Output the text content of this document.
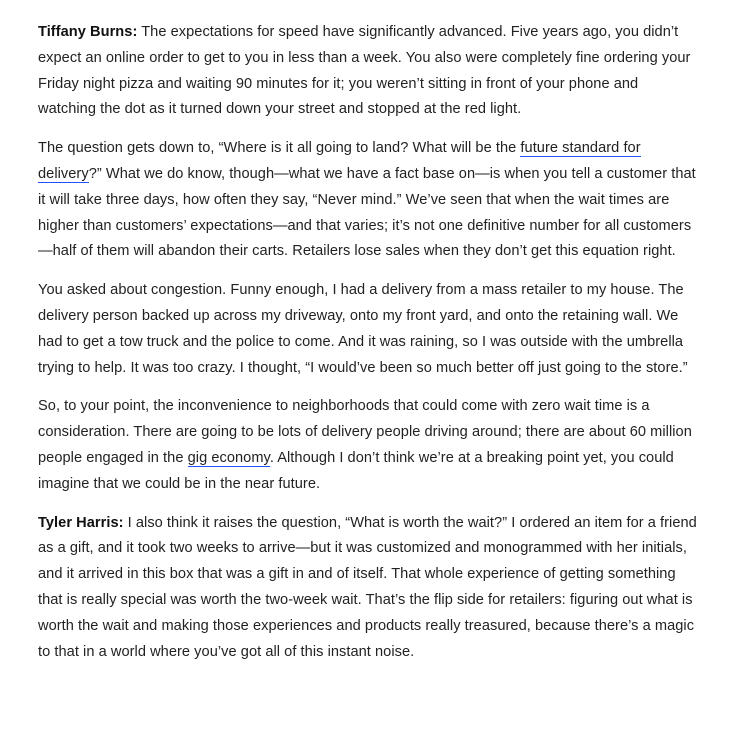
Tiffany Burns: The expectations for speed have significantly advanced. Five years ago, you didn’t expect an online order to get to you in less than a week. You also were completely fine ordering your Friday night pizza and waiting 90 minutes for it; you weren’t sitting in front of your phone and watching the dot as it turned down your street and stopped at the red light.

The question gets down to, “Where is it all going to land? What will be the future standard for delivery?” What we do know, though—what we have a fact base on—is when you tell a customer that it will take three days, how often they say, “Never mind.” We’ve seen that when the wait times are higher than customers’ expectations—and that varies; it’s not one definitive number for all customers—half of them will abandon their carts. Retailers lose sales when they don’t get this equation right.

You asked about congestion. Funny enough, I had a delivery from a mass retailer to my house. The delivery person backed up across my driveway, onto my front yard, and onto the retaining wall. We had to get a tow truck and the police to come. And it was raining, so I was outside with the umbrella trying to help. It was too crazy. I thought, “I would’ve been so much better off just going to the store.”

So, to your point, the inconvenience to neighborhoods that could come with zero wait time is a consideration. There are going to be lots of delivery people driving around; there are about 60 million people engaged in the gig economy. Although I don’t think we’re at a breaking point yet, you could imagine that we could be in the near future.

Tyler Harris: I also think it raises the question, “What is worth the wait?” I ordered an item for a friend as a gift, and it took two weeks to arrive—but it was customized and monogrammed with her initials, and it arrived in this box that was a gift in and of itself. That whole experience of getting something that is really special was worth the two-week wait. That’s the flip side for retailers: figuring out what is worth the wait and making those experiences and products really treasured, because there’s a magic to that in a world where you’ve got all of this instant noise.
